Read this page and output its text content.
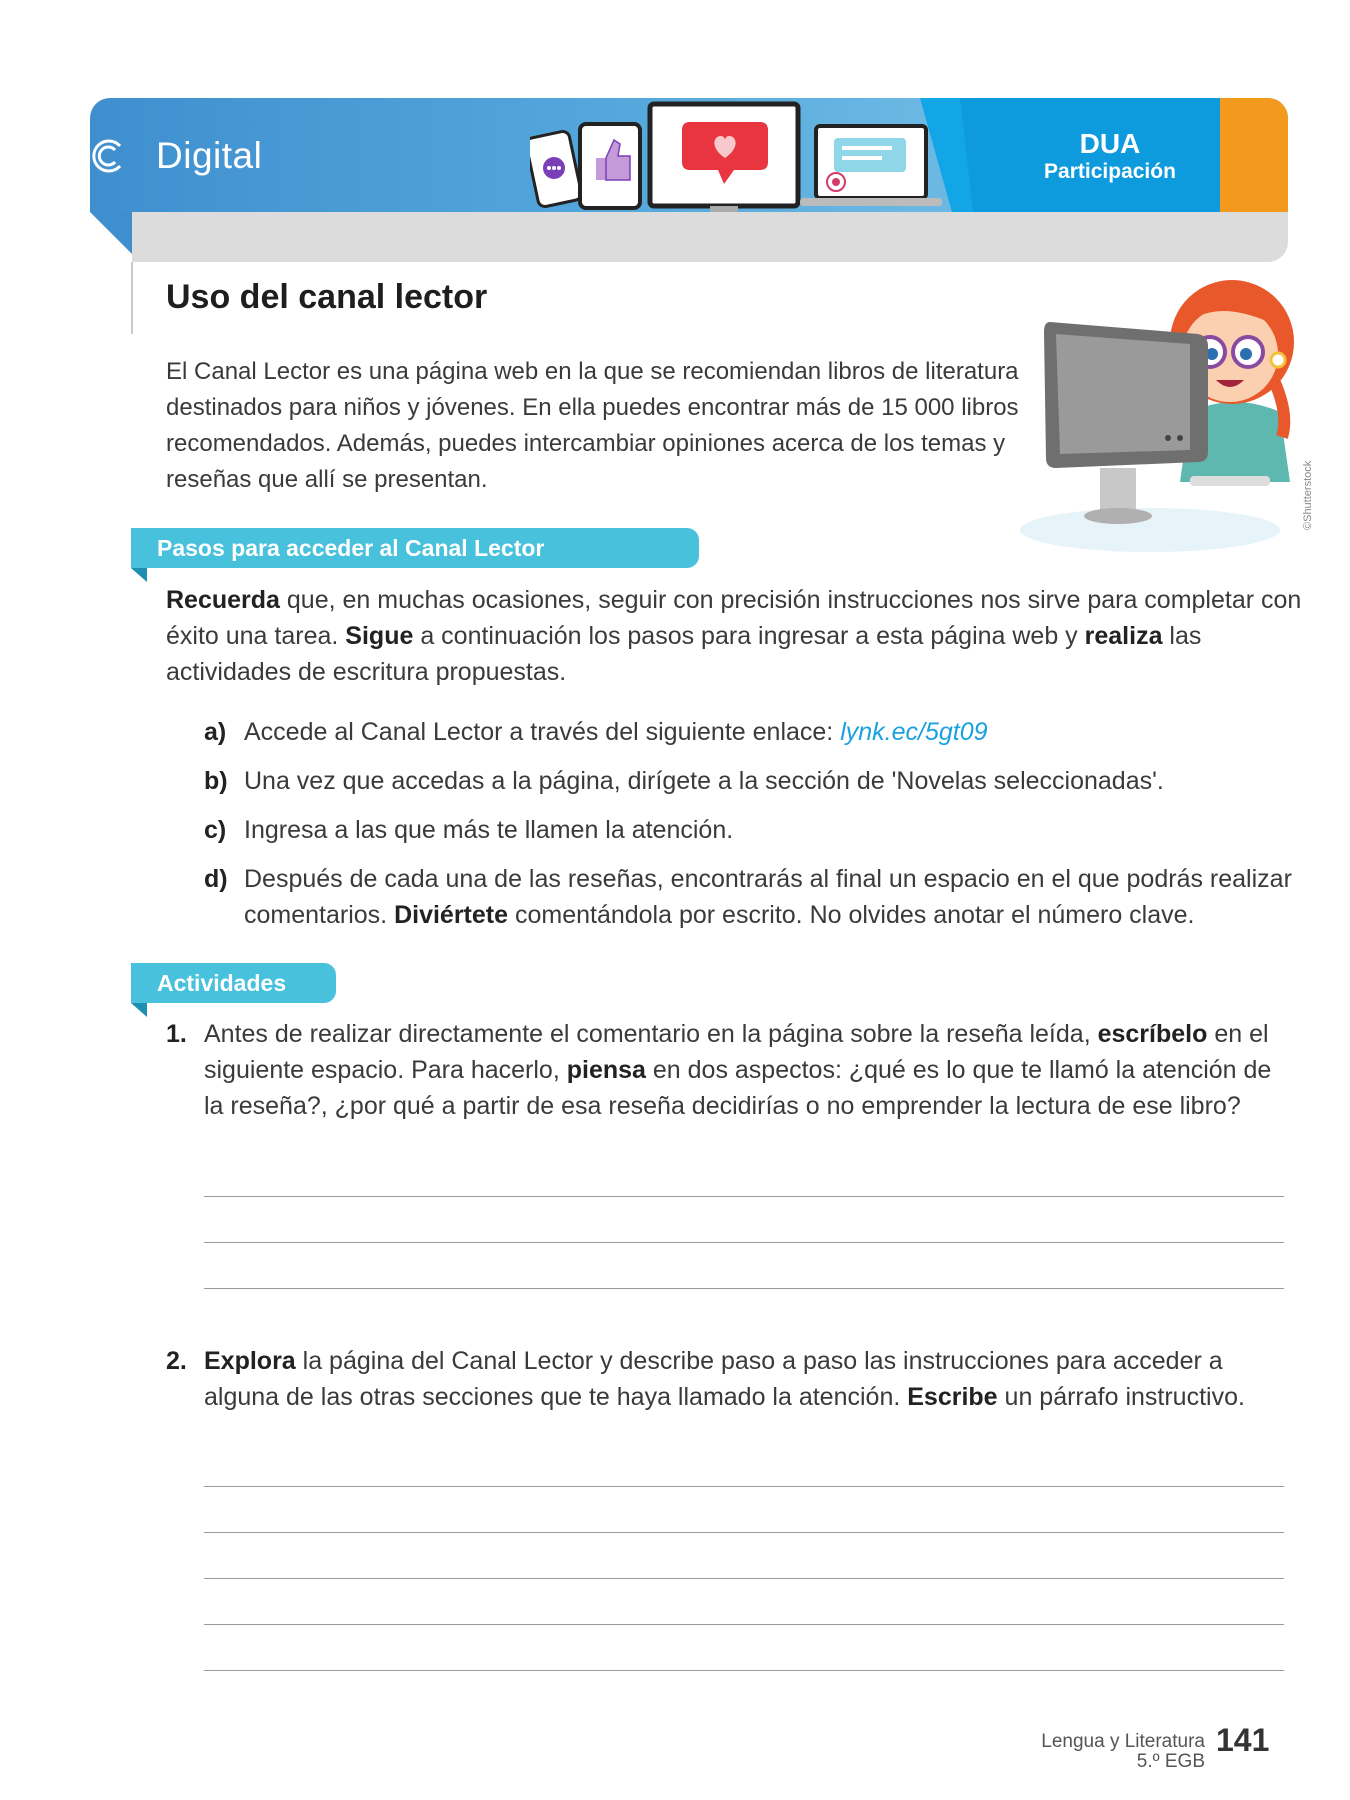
Digital	DUA
Participación
Uso del canal lector
El Canal Lector es una página web en la que se recomiendan libros de literatura destinados para niños y jóvenes. En ella puedes encontrar más de 15 000 libros recomendados. Además, puedes intercambiar opiniones acerca de los temas y reseñas que allí se presentan.	©Shutterstock
Pasos para acceder al Canal Lector
Recuerda que, en muchas ocasiones, seguir con precisión instrucciones nos sirve para completar con éxito una tarea. Sigue a continuación los pasos para ingresar a esta página web y realiza las actividades de escritura propuestas.
a) Accede al Canal Lector a través del siguiente enlace: lynk.ec/5gt09
b) Una vez que accedas a la página, dirígete a la sección de 'Novelas seleccionadas'.
c) Ingresa a las que más te llamen la atención.
d) Después de cada una de las reseñas, encontrarás al final un espacio en el que podrás realizar comentarios. Diviértete comentándola por escrito. No olvides anotar el número clave.
Actividades
1. Antes de realizar directamente el comentario en la página sobre la reseña leída, escríbelo en el siguiente espacio. Para hacerlo, piensa en dos aspectos: ¿qué es lo que te llamó la atención de la reseña?, ¿por qué a partir de esa reseña decidirías o no emprender la lectura de ese libro?
2. Explora la página del Canal Lector y describe paso a paso las instrucciones para acceder a alguna de las otras secciones que te haya llamado la atención. Escribe un párrafo instructivo.
Lengua y Literatura
5.º EGB
141
